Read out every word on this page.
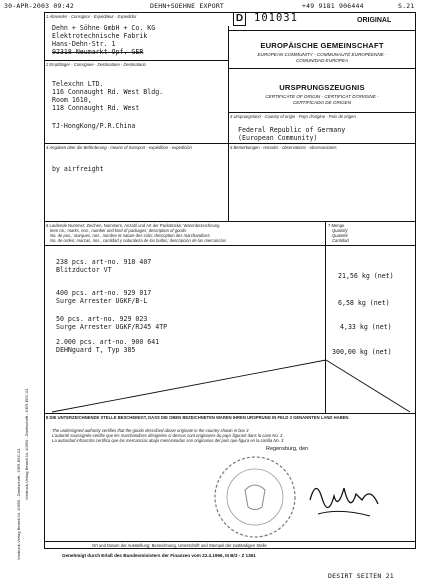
30-APR-2003 09:42	DEHN+SOEHNE EXPORT	+49 9181 906444	S.21
Vordruck-Verlag Bestell-Nr. 10650 - Zweitschrift - GER-EEC-01
Vordruck-Verlag Bestell-Nr. 10650 - Zweitschrift - GER-EEC-01
D 101031	ORIGINAL
1 Absender - Consignor - Expéditeur - Expedidor
Dehn + Söhne GmbH + Co. KG
Elektrotechnische Fabrik
Hans-Dehn-Str. 1
92318 Neumarkt Opf. GER
2 Empfänger - Consignee - Destinataire - Destinatario
Telexchn LTD.
116 Connaught Rd. West Bldg.
Room 1610,
118 Connaught Rd. West
TJ-HongKong/P.R.China
EUROPÄISCHE GEMEINSCHAFT
EUROPEAN COMMUNITY - COMMUNAUTÉ EUROPÉENNE -
COMUNIDAD EUROPEA
URSPRUNGSZEUGNIS
CERTIFICATE OF ORIGIN - CERTIFICAT D'ORIGINE -
CERTIFICADO DE ORIGEN
3 Ursprungsland - Country of origin - Pays d'origine - País de origen
Federal Republic of Germany
(European Community)
4 Angaben über die Beförderung - means of transport - expédition - expedición
by airfreight
5 Bemerkungen - remarks - observations - observaciones
6 Laufende Nummer; Zeichen, Nummern, Anzahl und Art der Packstücke; Warenbezeichnung
Item no.; marks, nos., number and kind of packages; description of goods
No. de pos.; marques, nos., nombre et nature des colis; description des marchandises
No. de orden; marcas, nos., cantidad y naturaleza de los bultos; descripción de las mercancías
7 Menge
Quantity
Quantité
Cantidad
238 pcs. art-no. 918 407
Blitzductor VT
21,56 kg (net)
400 pcs. art-no. 929 017
Surge Arrester UGKF/B-L	6,58 kg (net)
50 pcs. art-no. 929 023
Surge Arrester UGKF/RJ45 4TP	4,33 kg (net)
2.000 pcs. art-no. 900 641
DEHNguard T, Typ 385	300,00 kg (net)
8 DIE UNTERZEICHNENDE STELLE BESCHEINIGT, DASS DIE OBEN BEZEICHNETEN WAREN IHREN URSPRUNG IN FELD 3 GENANNTEN LAND HABEN
The undersigned authority certifies that the goods described above originate in the country shown in box 3
L'autorité soussignée certifie que les marchandises désignées ci-dessus sont originaires du pays figurant dans la case No. 3
La autoridad infrascrita certifica que las mercancías abajo mencionadas son originarias del país que figura en la casilla No. 3
Regensburg, den
Ort und Datum der Ausstellung; Bezeichnung, Unterschrift und Stempel der zuständigen Stelle
Genehmigt durch Erlaß des Bundesministers der Finanzen vom 22.4.1966, III B/3 - Z 1361
DESIRT SEITEN 21
